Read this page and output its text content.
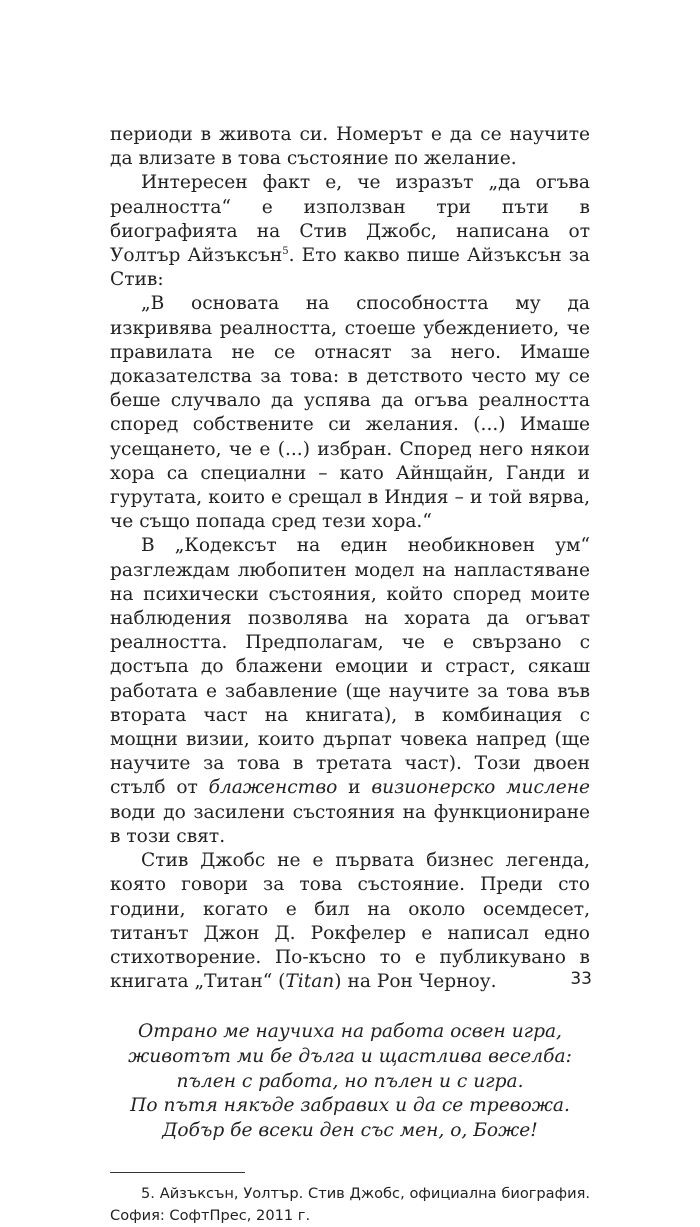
периоди в живота си. Номерът е да се научите да влизате в това състояние по желание.

Интересен факт е, че изразът „да огъва реалността“ е използван три пъти в биографията на Стив Джобс, написана от Уолтър Айзъксън$^5$. Ето какво пише Айзъксън за Стив:

„В основата на способността му да изкривява реалността, стоеше убеждението, че правилата не се отнасят за него. Имаше доказателства за това: в детството често му се беше случвало да успява да огъва реалността според собствените си желания. (...) Имаше усещането, че е (...) избран. Според него някои хора са специални – като Айнщайн, Ганди и гурутата, които е срещал в Индия – и той вярва, че също попада сред тези хора.“

В „Кодексът на един необикновен ум“ разглеждам любопитен модел на напластяване на психически състояния, който според моите наблюдения позволява на хората да огъват реалността. Предполагам, че е свързано с достъпа до блажени емоции и страст, сякаш работата е забавление (ще научите за това във втората част на книгата), в комбинация с мощни визии, които дърпат човека напред (ще научите за това в третата част). Този двоен стълб от блаженство и визионерско мислене води до засилени състояния на функциониране в този свят.

Стив Джобс не е първата бизнес легенда, която говори за това състояние. Преди сто години, когато е бил на около осемдесет, титанът Джон Д. Рокфелер е написал едно стихотворение. По-късно то е публикувано в книгата „Титан“ (Titan) на Рон Черноу.

Отрано ме научиха на работа освен игра,
животът ми бе дълга и щастлива веселба:
пълен с работа, но пълен и с игра.
По пътя някъде забравих и да се тревожа.
Добър бе всеки ден със мен, о, Боже!

5. Айзъксън, Уолтър. Стив Джобс, официална биография. София: СофтПрес, 2011 г.

33
